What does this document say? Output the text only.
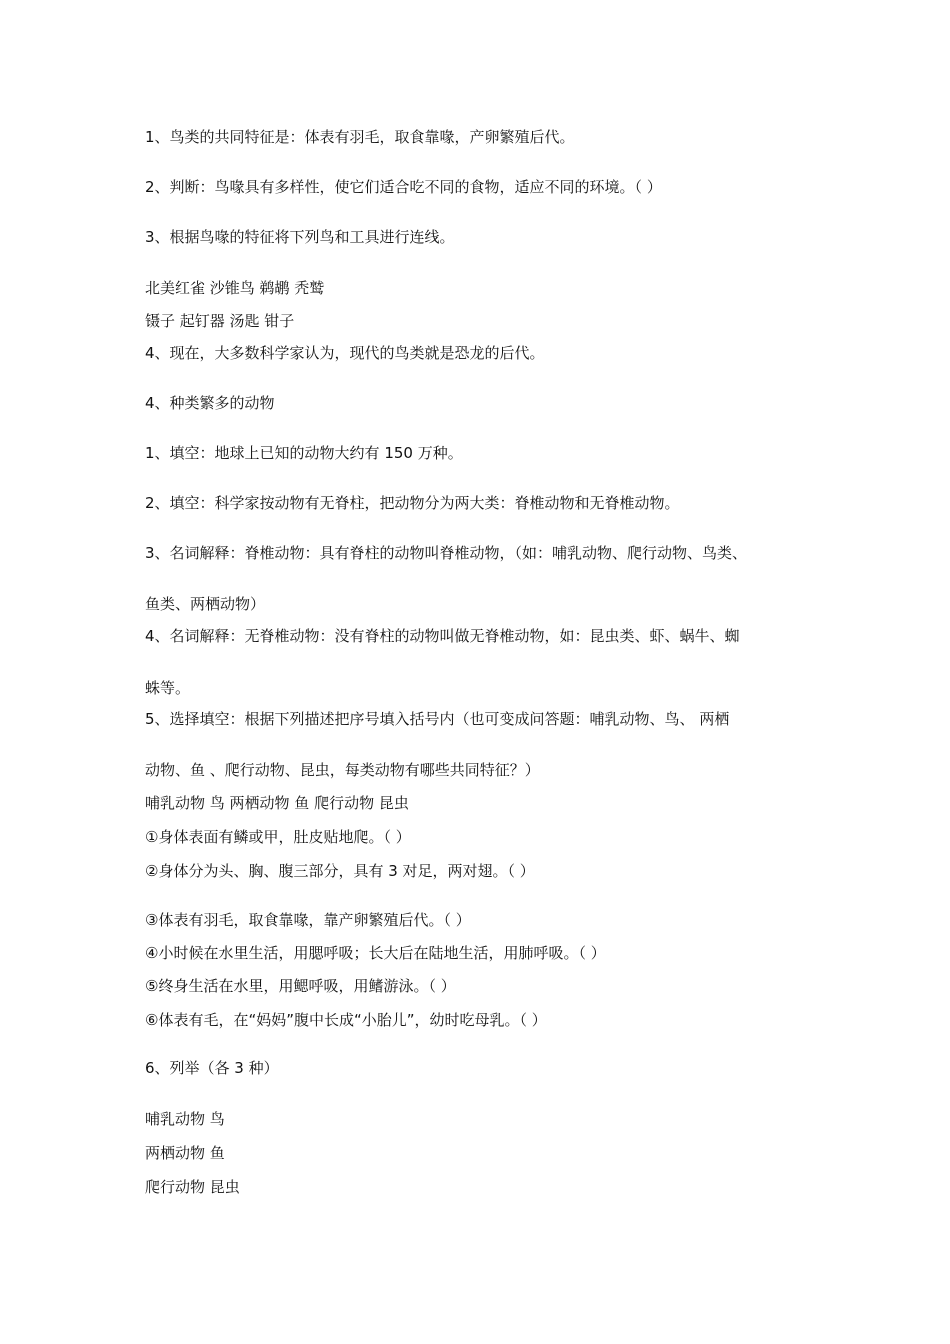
1、鸟类的共同特征是：体表有羽毛，取食靠喙，产卵繁殖后代。
2、判断：鸟喙具有多样性，使它们适合吃不同的食物，适应不同的环境。（ ）
3、根据鸟喙的特征将下列鸟和工具进行连线。
北美红雀 沙锥鸟 鹈鹕 秃鹫
镊子 起钉器 汤匙 钳子
4、现在，大多数科学家认为，现代的鸟类就是恐龙的后代。
4、种类繁多的动物
1、填空：地球上已知的动物大约有 150 万种。
2、填空：科学家按动物有无脊柱，把动物分为两大类：脊椎动物和无脊椎动物。
3、名词解释：脊椎动物：具有脊柱的动物叫脊椎动物，（如：哺乳动物、爬行动物、鸟类、
鱼类、两栖动物）
4、名词解释：无脊椎动物：没有脊柱的动物叫做无脊椎动物，如：昆虫类、虾、蜗牛、蜘
蛛等。
5、选择填空：根据下列描述把序号填入括号内（也可变成问答题：哺乳动物、鸟、 两栖
动物、鱼 、爬行动物、昆虫，每类动物有哪些共同特征？）
哺乳动物 鸟 两栖动物 鱼 爬行动物 昆虫
①身体表面有鳞或甲，肚皮贴地爬。（ ）
②身体分为头、胸、腹三部分，具有 3 对足，两对翅。（ ）
③体表有羽毛，取食靠喙，靠产卵繁殖后代。（ ）
④小时候在水里生活，用腮呼吸；长大后在陆地生活，用肺呼吸。（ ）
⑤终身生活在水里，用鳃呼吸，用鳍游泳。（ ）
⑥体表有毛，在“妈妈”腹中长成“小胎儿”，幼时吃母乳。（ ）
6、列举（各 3 种）
哺乳动物 鸟
两栖动物 鱼
爬行动物 昆虫
